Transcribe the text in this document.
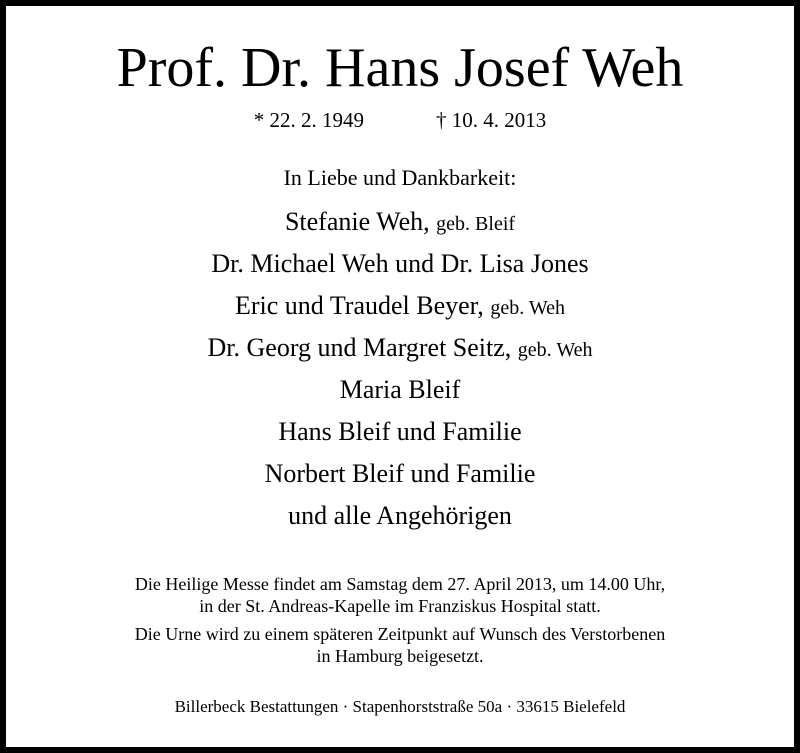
Prof. Dr. Hans Josef Weh
* 22. 2. 1949	† 10. 4. 2013
In Liebe und Dankbarkeit:
Stefanie Weh, geb. Bleif
Dr. Michael Weh und Dr. Lisa Jones
Eric und Traudel Beyer, geb. Weh
Dr. Georg und Margret Seitz, geb. Weh
Maria Bleif
Hans Bleif und Familie
Norbert Bleif und Familie
und alle Angehörigen

Die Heilige Messe findet am Samstag dem 27. April 2013, um 14.00 Uhr,
in der St. Andreas-Kapelle im Franziskus Hospital statt.

Die Urne wird zu einem späteren Zeitpunkt auf Wunsch des Verstorbenen
in Hamburg beigesetzt.

Billerbeck Bestattungen · Stapenhorststraße 50a · 33615 Bielefeld
